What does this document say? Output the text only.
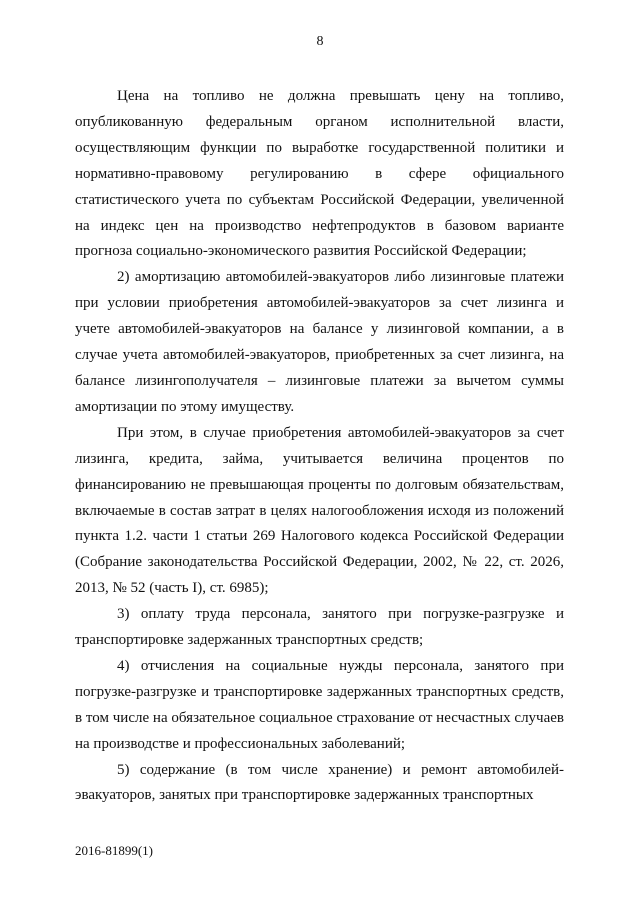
8

Цена на топливо не должна превышать цену на топливо, опубликованную федеральным органом исполнительной власти, осуществляющим функции по выработке государственной политики и нормативно-правовому регулированию в сфере официального статистического учета по субъектам Российской Федерации, увеличенной на индекс цен на производство нефтепродуктов в базовом варианте прогноза социально-экономического развития Российской Федерации;

2) амортизацию автомобилей-эвакуаторов либо лизинговые платежи при условии приобретения автомобилей-эвакуаторов за счет лизинга и учете автомобилей-эвакуаторов на балансе у лизинговой компании, а в случае учета автомобилей-эвакуаторов, приобретенных за счет лизинга, на балансе лизингополучателя – лизинговые платежи за вычетом суммы амортизации по этому имуществу.

При этом, в случае приобретения автомобилей-эвакуаторов за счет лизинга, кредита, займа, учитывается величина процентов по финансированию не превышающая проценты по долговым обязательствам, включаемые в состав затрат в целях налогообложения исходя из положений пункта 1.2. части 1 статьи 269 Налогового кодекса Российской Федерации (Собрание законодательства Российской Федерации, 2002, № 22, ст. 2026, 2013, № 52 (часть I), ст. 6985);

3) оплату труда персонала, занятого при погрузке-разгрузке и транспортировке задержанных транспортных средств;

4) отчисления на социальные нужды персонала, занятого при погрузке-разгрузке и транспортировке задержанных транспортных средств, в том числе на обязательное социальное страхование от несчастных случаев на производстве и профессиональных заболеваний;

5) содержание (в том числе хранение) и ремонт автомобилей-эвакуаторов, занятых при транспортировке задержанных транспортных

2016-81899(1)
